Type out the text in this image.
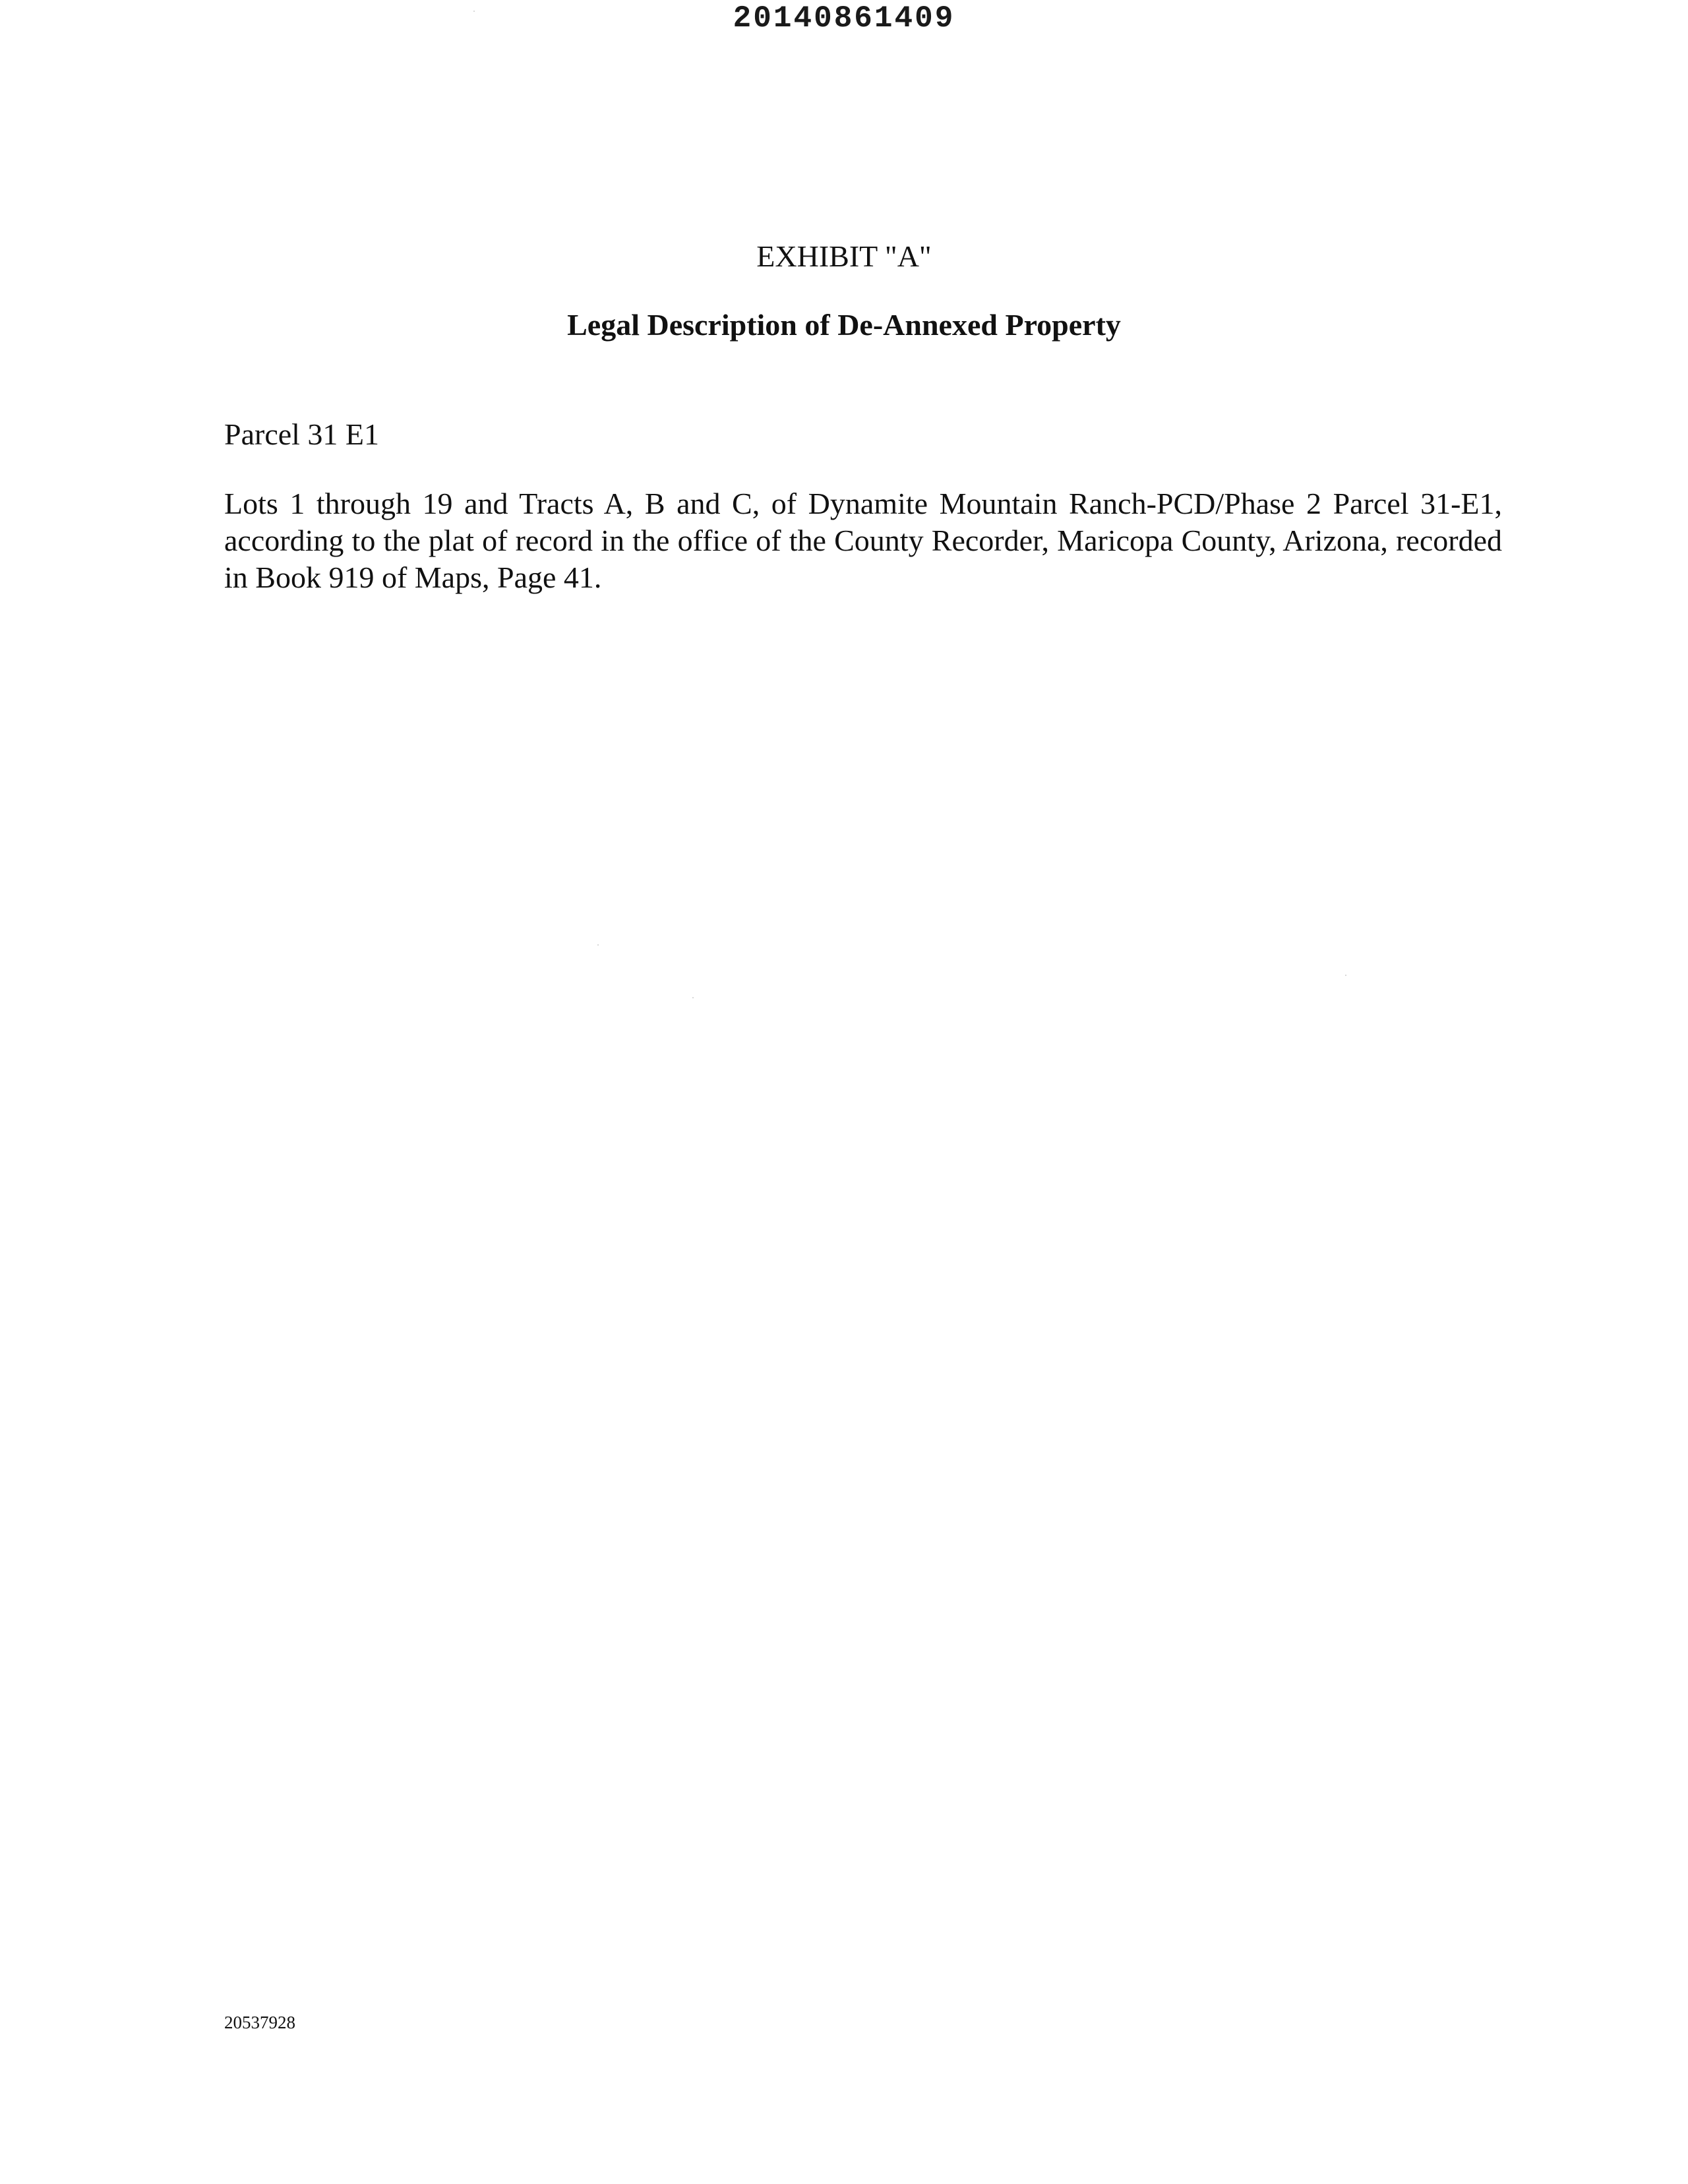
20140861409
EXHIBIT "A"
Legal Description of De-Annexed Property
Parcel 31 E1

Lots 1 through 19 and Tracts A, B and C, of Dynamite Mountain Ranch-PCD/Phase 2 Parcel 31-E1, according to the plat of record in the office of the County Recorder, Maricopa County, Arizona, recorded in Book 919 of Maps, Page 41.

20537928
